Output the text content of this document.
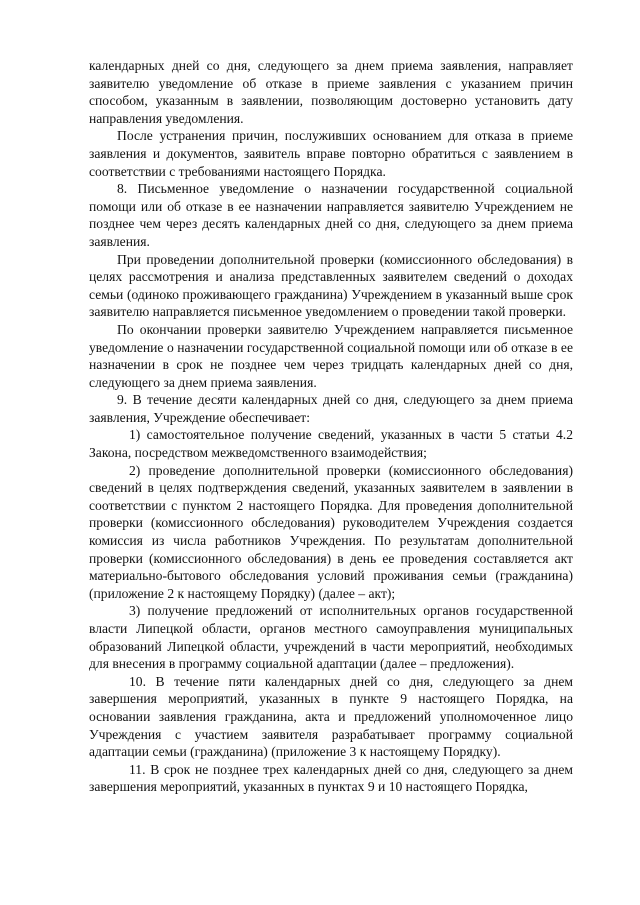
календарных дней со дня, следующего за днем приема заявления, направляет заявителю уведомление об отказе в приеме заявления с указанием причин способом, указанным в заявлении, позволяющим достоверно установить дату направления уведомления.

После устранения причин, послуживших основанием для отказа в приеме заявления и документов, заявитель вправе повторно обратиться с заявлением в соответствии с требованиями настоящего Порядка.

8. Письменное уведомление о назначении государственной социальной помощи или об отказе в ее назначении направляется заявителю Учреждением не позднее чем через десять календарных дней со дня, следующего за днем приема заявления.

При проведении дополнительной проверки (комиссионного обследования) в целях рассмотрения и анализа представленных заявителем сведений о доходах семьи (одиноко проживающего гражданина) Учреждением в указанный выше срок заявителю направляется письменное уведомлением о проведении такой проверки.

По окончании проверки заявителю Учреждением направляется письменное уведомление о назначении государственной социальной помощи или об отказе в ее назначении в срок не позднее чем через тридцать календарных дней со дня, следующего за днем приема заявления.

9. В течение десяти календарных дней со дня, следующего за днем приема заявления, Учреждение обеспечивает:

1) самостоятельное получение сведений, указанных в части 5 статьи 4.2 Закона, посредством межведомственного взаимодействия;

2) проведение дополнительной проверки (комиссионного обследования) сведений в целях подтверждения сведений, указанных заявителем в заявлении в соответствии с пунктом 2 настоящего Порядка. Для проведения дополнительной проверки (комиссионного обследования) руководителем Учреждения создается комиссия из числа работников Учреждения. По результатам дополнительной проверки (комиссионного обследования) в день ее проведения составляется акт материально-бытового обследования условий проживания семьи (гражданина) (приложение 2 к настоящему Порядку) (далее – акт);

3) получение предложений от исполнительных органов государственной власти Липецкой области, органов местного самоуправления муниципальных образований Липецкой области, учреждений в части мероприятий, необходимых для внесения в программу социальной адаптации (далее – предложения).

10. В течение пяти календарных дней со дня, следующего за днем завершения мероприятий, указанных в пункте 9 настоящего Порядка, на основании заявления гражданина, акта и предложений уполномоченное лицо Учреждения с участием заявителя разрабатывает программу социальной адаптации семьи (гражданина) (приложение 3 к настоящему Порядку).

11. В срок не позднее трех календарных дней со дня, следующего за днем завершения мероприятий, указанных в пунктах 9 и 10 настоящего Порядка,
